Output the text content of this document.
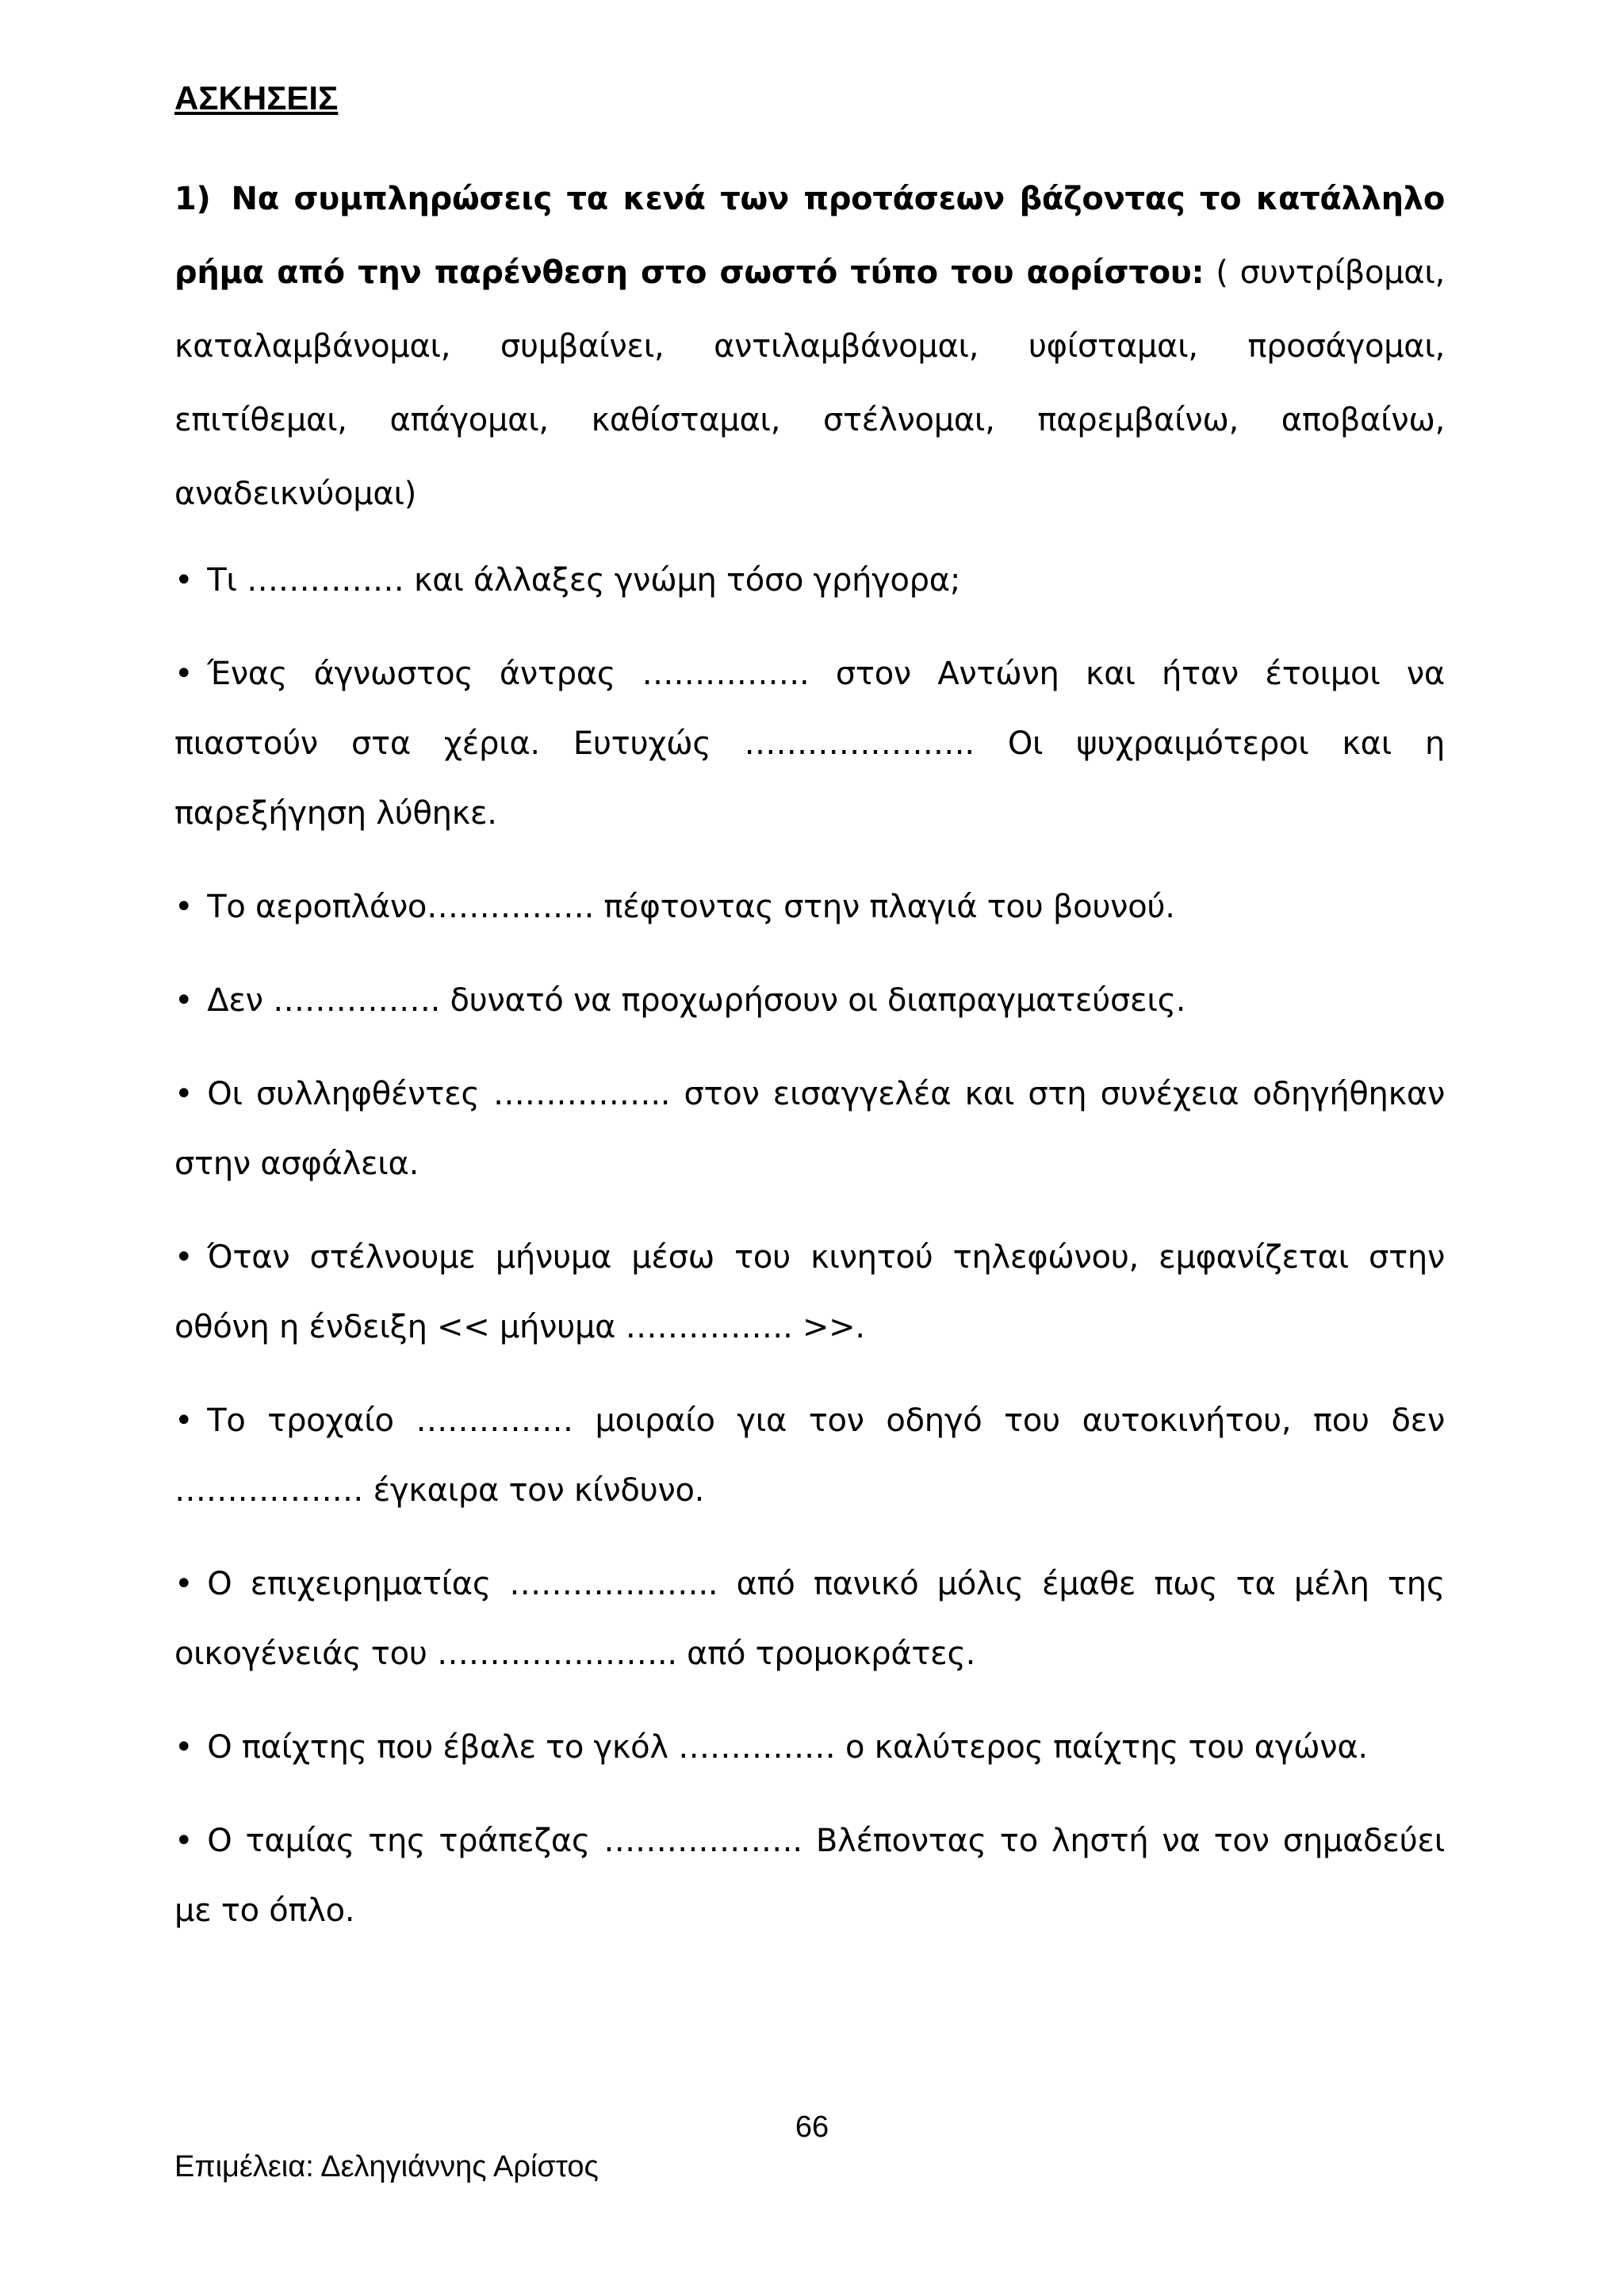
ΑΣΚΗΣΕΙΣ

1) Να συμπληρώσεις τα κενά των προτάσεων βάζοντας το κατάλληλο ρήμα από την παρένθεση στο σωστό τύπο του αορίστου: ( συντρίβομαι, καταλαμβάνομαι, συμβαίνει, αντιλαμβάνομαι, υφίσταμαι, προσάγομαι, επιτίθεμαι, απάγομαι, καθίσταμαι, στέλνομαι, παρεμβαίνω, αποβαίνω, αναδεικνύομαι)

• Τι …………… και άλλαξες γνώμη τόσο γρήγορα;

• Ένας άγνωστος άντρας ……………. στον Αντώνη και ήταν έτοιμοι να πιαστούν στα χέρια. Ευτυχώς …………………. Οι ψυχραιμότεροι και η παρεξήγηση λύθηκε.

• Το αεροπλάνο……………. πέφτοντας στην πλαγιά του βουνού.

• Δεν ……………. δυνατό να προχωρήσουν οι διαπραγματεύσεις.

• Οι συλληφθέντες …………….. στον εισαγγελέα και στη συνέχεια οδηγήθηκαν στην ασφάλεια.

• Όταν στέλνουμε μήνυμα μέσω του κινητού τηλεφώνου, εμφανίζεται στην οθόνη η ένδειξη << μήνυμα ……………. >>.

• Το τροχαίο …………… μοιραίο για τον οδηγό του αυτοκινήτου, που δεν ……………… έγκαιρα τον κίνδυνο.

• Ο επιχειρηματίας ……………….. από πανικό μόλις έμαθε πως τα μέλη της οικογένειάς του ………………….. από τρομοκράτες.

• Ο παίχτης που έβαλε το γκόλ …………… ο καλύτερος παίχτης του αγώνα.

• Ο ταμίας της τράπεζας ………………. Βλέποντας το ληστή να τον σημαδεύει με το όπλο.

66
Επιμέλεια: Δεληγιάννης Αρίστος
